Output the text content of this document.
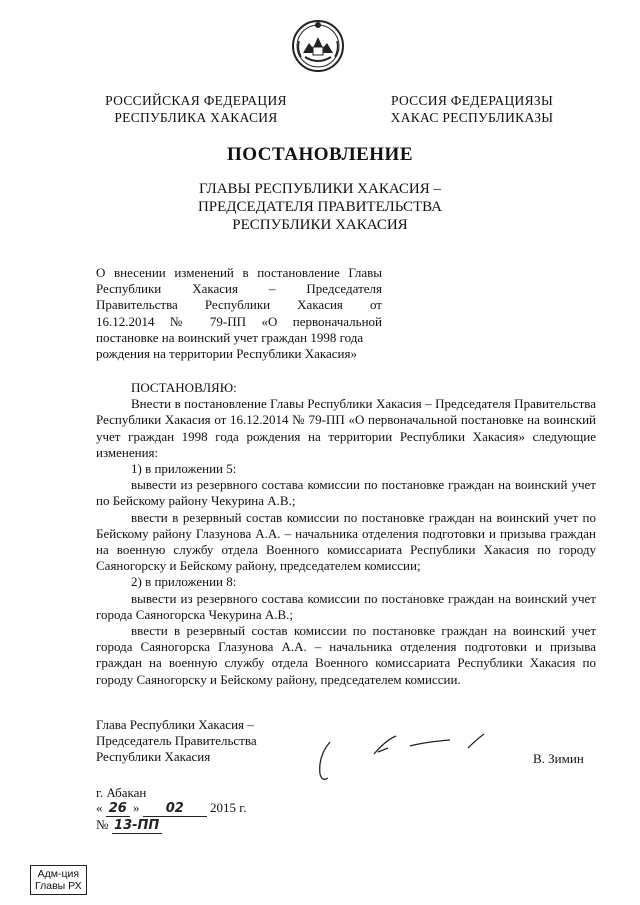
РОССИЙСКАЯ ФЕДЕРАЦИЯ
РЕСПУБЛИКА ХАКАСИЯ
РОССИЯ ФЕДЕРАЦИЯЗЫ
ХАКАС РЕСПУБЛИКАЗЫ
ПОСТАНОВЛЕНИЕ
ГЛАВЫ РЕСПУБЛИКИ ХАКАСИЯ –
ПРЕДСЕДАТЕЛЯ ПРАВИТЕЛЬСТВА
РЕСПУБЛИКИ ХАКАСИЯ
О внесении изменений в постановление Главы
Республики Хакасия – Председателя
Правительства Республики Хакасия от
16.12.2014 № 79-ПП «О первоначальной
постановке на воинский учет граждан 1998 года
рождения на территории Республики Хакасия»
ПОСТАНОВЛЯЮ:
Внести в постановление Главы Республики Хакасия – Председателя Правительства Республики Хакасия от 16.12.2014 № 79-ПП «О первоначальной постановке на воинский учет граждан 1998 года рождения на территории Республики Хакасия» следующие изменения:
1) в приложении 5:
вывести из резервного состава комиссии по постановке граждан на воинский учет по Бейскому району Чекурина А.В.;
ввести в резервный состав комиссии по постановке граждан на воинский учет по Бейскому району Глазунова А.А. – начальника отделения подготовки и призыва граждан на военную службу отдела Военного комиссариата Республики Хакасия по городу Саяногорску и Бейскому району, председателем комиссии;
2) в приложении 8:
вывести из резервного состава комиссии по постановке граждан на воинский учет города Саяногорска Чекурина А.В.;
ввести в резервный состав комиссии по постановке граждан на воинский учет города Саяногорска Глазунова А.А. – начальника отделения подготовки и призыва граждан на военную службу отдела Военного комиссариата Республики Хакасия по городу Саяногорску и Бейскому району, председателем комиссии.
Глава Республики Хакасия –
Председатель Правительства
Республики Хакасия	В. Зимин
г. Абакан
« 26 » 02 2015 г.
№ 13-ПП
Адм-ция
Главы РХ
